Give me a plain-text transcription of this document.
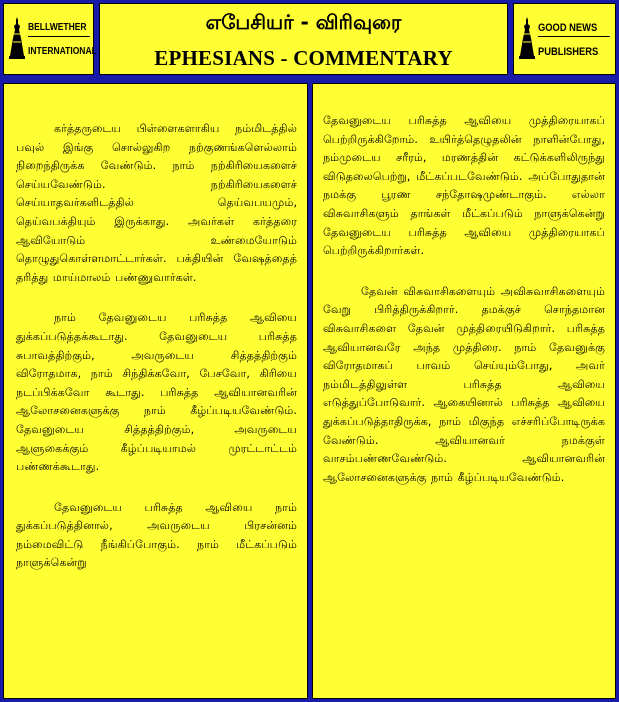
BELLWETHER
INTERNATIONAL
எபேசியர் - விரிவுரை
EPHESIANS - COMMENTARY
GOOD NEWS
PUBLISHERS

கர்த்தருடைய பிள்ளைகளாகிய நம்மிடத்தில் பவுல் இங்கு சொல்லுகிற நற்குணங்களெல்லாம் நிறைந்திருக்க வேண்டும். நாம் நற்கிரியைகளைச் செய்யவேண்டும். நற்கிரியைகளைச் செய்யாதவர்களிடத்தில் தெய்வபயமும், தெய்வபக்தியும் இருக்காது. அவர்கள் கர்த்தரை ஆவியோடும் உண்மையோடும் தொழுதுகொள்ளமாட்டார்கள். பக்தியின் வேஷத்தைத் தரித்து மாய்மாலம் பண்ணுவார்கள்.

நாம் தேவனுடைய பரிசுத்த ஆவியை துக்கப்படுத்தக்கூடாது. தேவனுடைய பரிசுத்த சுபாவத்திற்கும், அவருடைய சித்தத்திற்கும் விரோதமாக, நாம் சிந்திக்கவோ, பேசவோ, கிரியை நடப்பிக்கவோ கூடாது. பரிசுத்த ஆவியானவரின் ஆலோசனைகளுக்கு நாம் கீழ்ப்படியவேண்டும். தேவனுடைய சித்தத்திற்கும், அவருடைய ஆளுகைக்கும் கீழ்ப்படியாமல் முரட்டாட்டம் பண்ணக்கூடாது.

தேவனுடைய பரிசுத்த ஆவியை நாம் துக்கப்படுத்தினால், அவருடைய பிரசன்னம் நம்மைவிட்டு நீங்கிப்போகும். நாம் மீட்கப்படும் நாளுக்கென்று

தேவனுடைய பரிசுத்த ஆவியை முத்திரையாகப் பெற்றிருக்கிறோம். உயிர்த்தெழுதலின் நாளின்போது, நம்முடைய சரீரம், மரணத்தின் கட்டுக்களிலிருந்து விடுதலைபெற்று, மீட்கப்படவேண்டும். அப்போதுதான் நமக்கு பூரண சந்தோஷமுண்டாகும். எல்லா விசுவாசிகளும் தாங்கள் மீட்கப்படும் நாளுக்கென்று தேவனுடைய பரிசுத்த ஆவியை முத்திரையாகப் பெற்றிருக்கிறார்கள்.

தேவன் விசுவாசிகளையும் அவிசுவாசிகளையும் வேறு பிரித்திருக்கிறார். தமக்குச் சொந்தமான விசுவாசிகளை தேவன் முத்திரையிடுகிறார். பரிசுத்த ஆவியானவரே அந்த முத்திரை. நாம் தேவனுக்கு விரோதமாகப் பாவம் செய்யும்போது, அவர் நம்மிடத்திலுள்ள பரிசுத்த ஆவியை எடுத்துப்போடுவார். ஆகையினால் பரிசுத்த ஆவியை துக்கப்படுத்தாதிருக்க, நாம் மிகுந்த எச்சரிப்போடிருக்க வேண்டும். ஆவியானவர் நமக்குள் வாசம்பண்ணவேண்டும். ஆவியானவரின் ஆலோசனைகளுக்கு நாம் கீழ்ப்படியவேண்டும்.
